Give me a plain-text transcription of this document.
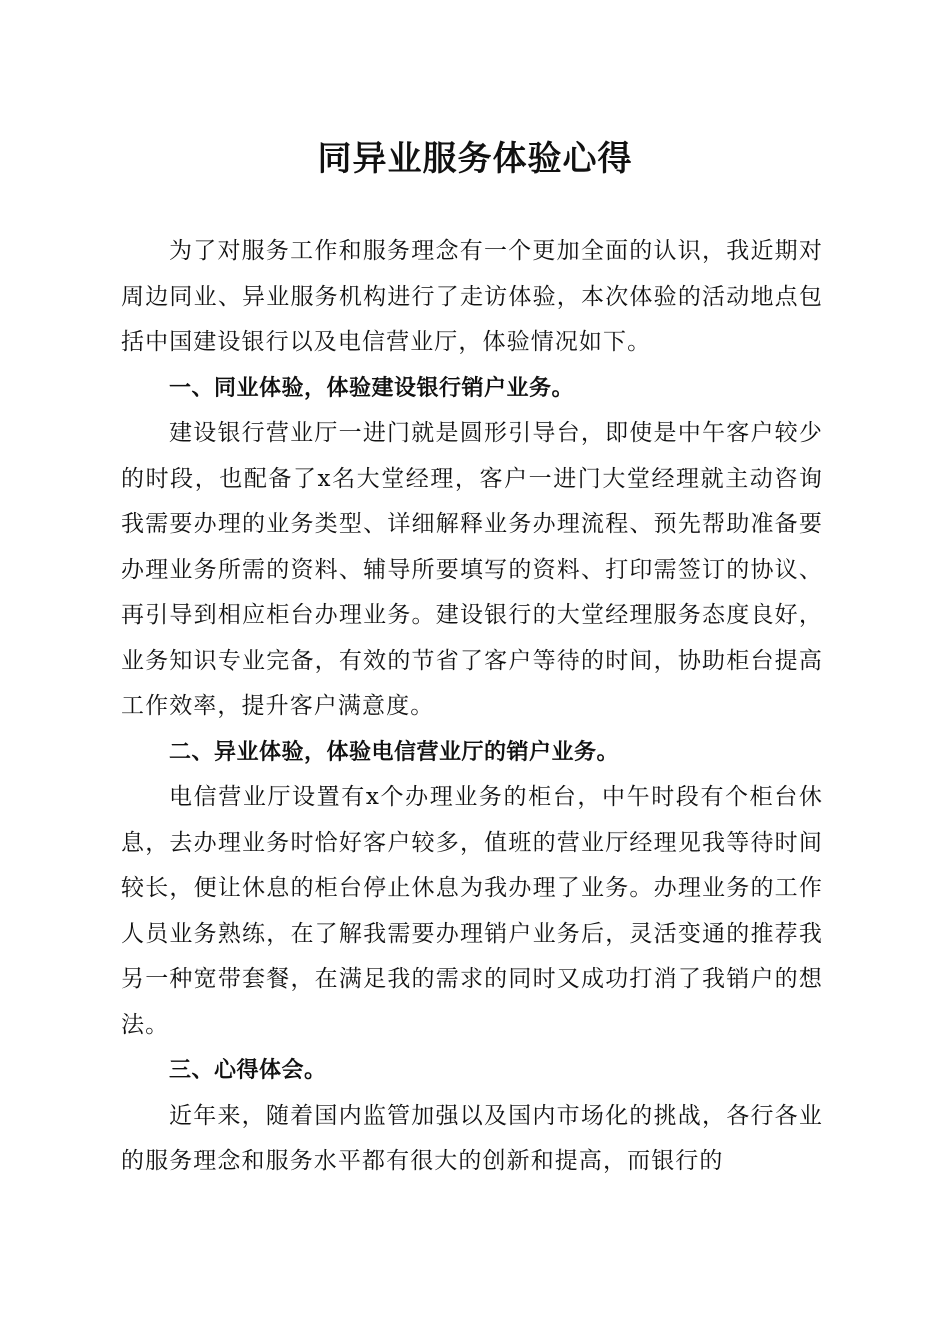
同异业服务体验心得

为了对服务工作和服务理念有一个更加全面的认识，我近期对周边同业、异业服务机构进行了走访体验，本次体验的活动地点包括中国建设银行以及电信营业厅，体验情况如下。

一、同业体验，体验建设银行销户业务。

建设银行营业厅一进门就是圆形引导台，即使是中午客户较少的时段，也配备了x名大堂经理，客户一进门大堂经理就主动咨询我需要办理的业务类型、详细解释业务办理流程、预先帮助准备要办理业务所需的资料、辅导所要填写的资料、打印需签订的协议、再引导到相应柜台办理业务。建设银行的大堂经理服务态度良好，业务知识专业完备，有效的节省了客户等待的时间，协助柜台提高工作效率，提升客户满意度。

二、异业体验，体验电信营业厅的销户业务。

电信营业厅设置有x个办理业务的柜台，中午时段有个柜台休息，去办理业务时恰好客户较多，值班的营业厅经理见我等待时间较长，便让休息的柜台停止休息为我办理了业务。办理业务的工作人员业务熟练，在了解我需要办理销户业务后，灵活变通的推荐我另一种宽带套餐，在满足我的需求的同时又成功打消了我销户的想法。

三、心得体会。

近年来，随着国内监管加强以及国内市场化的挑战，各行各业的服务理念和服务水平都有很大的创新和提高，而银行的
